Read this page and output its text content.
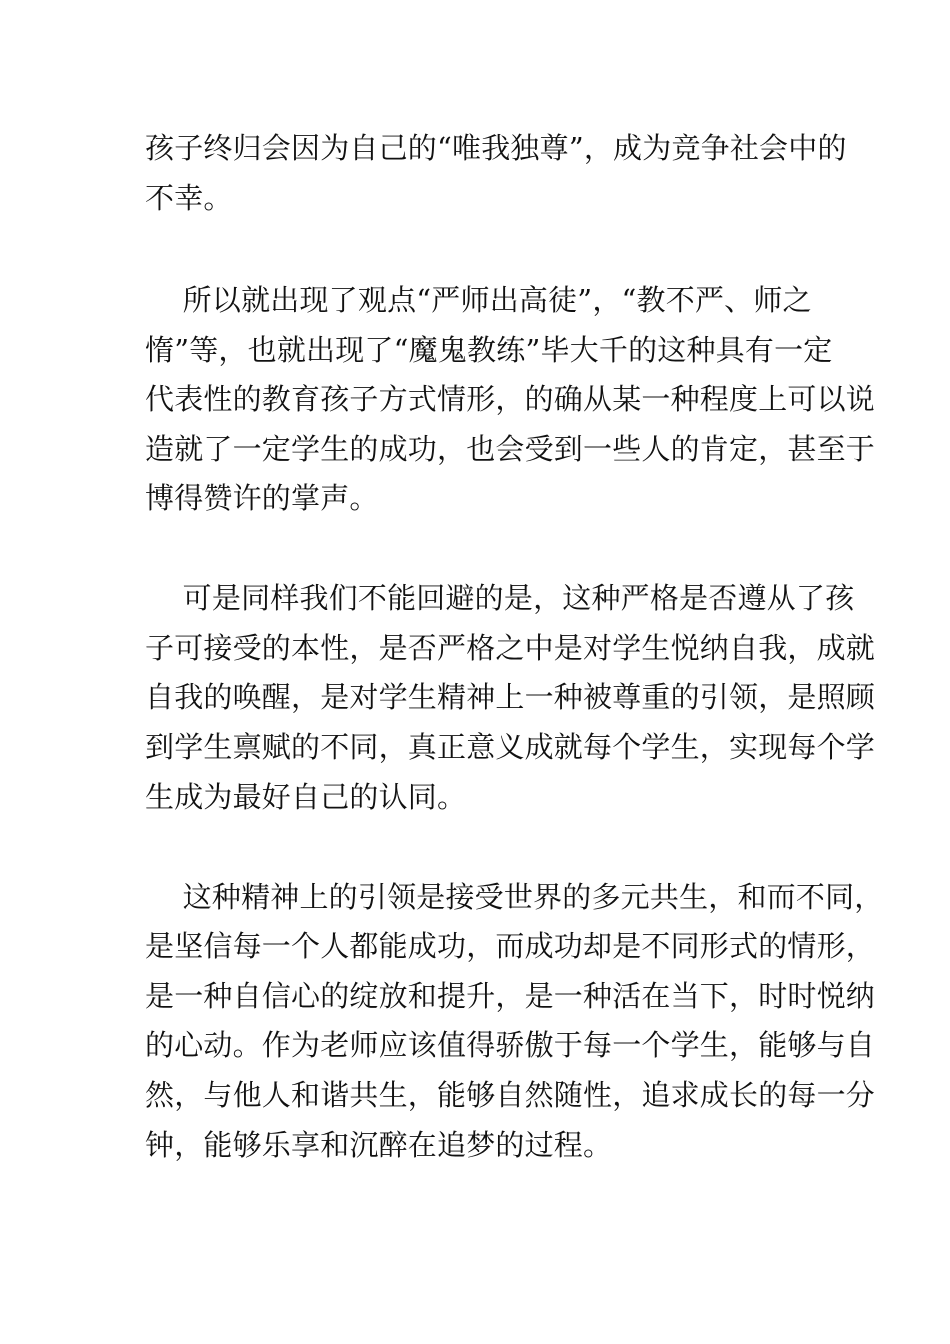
孩子终归会因为自己的“唯我独尊”，成为竞争社会中的
不幸。
所以就出现了观点“严师出高徒”，“教不严、师之
惰”等，也就出现了“魔鬼教练”毕大千的这种具有一定
代表性的教育孩子方式情形，的确从某一种程度上可以说
造就了一定学生的成功，也会受到一些人的肯定，甚至于
博得赞许的掌声。
可是同样我们不能回避的是，这种严格是否遵从了孩
子可接受的本性，是否严格之中是对学生悦纳自我，成就
自我的唤醒，是对学生精神上一种被尊重的引领，是照顾
到学生禀赋的不同，真正意义成就每个学生，实现每个学
生成为最好自己的认同。
这种精神上的引领是接受世界的多元共生，和而不同，
是坚信每一个人都能成功，而成功却是不同形式的情形，
是一种自信心的绽放和提升，是一种活在当下，时时悦纳
的心动。作为老师应该值得骄傲于每一个学生，能够与自
然，与他人和谐共生，能够自然随性，追求成长的每一分
钟，能够乐享和沉醉在追梦的过程。
